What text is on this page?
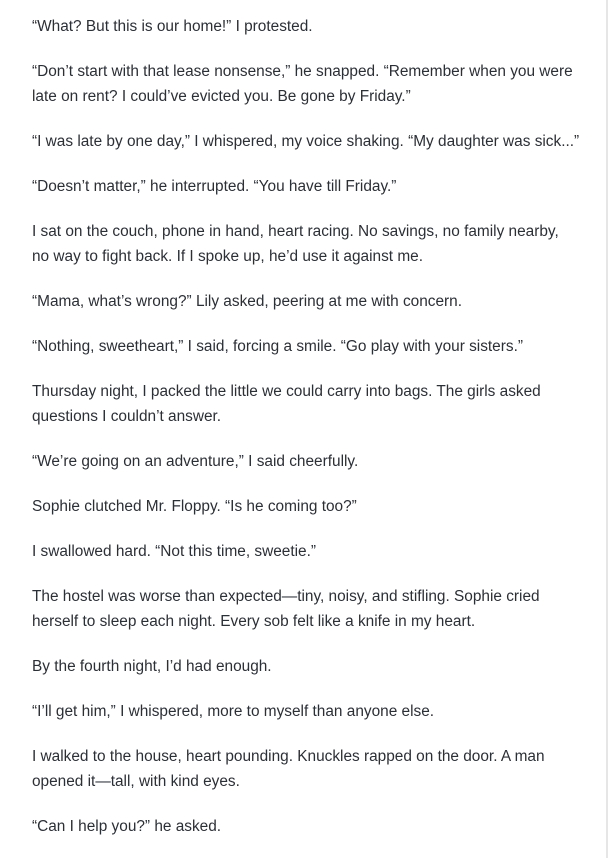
“What? But this is our home!” I protested.

“Don’t start with that lease nonsense,” he snapped. “Remember when you were late on rent? I could’ve evicted you. Be gone by Friday.”

“I was late by one day,” I whispered, my voice shaking. “My daughter was sick...”

“Doesn’t matter,” he interrupted. “You have till Friday.”

I sat on the couch, phone in hand, heart racing. No savings, no family nearby, no way to fight back. If I spoke up, he’d use it against me.

“Mama, what’s wrong?” Lily asked, peering at me with concern.

“Nothing, sweetheart,” I said, forcing a smile. “Go play with your sisters.”

Thursday night, I packed the little we could carry into bags. The girls asked questions I couldn’t answer.

“We’re going on an adventure,” I said cheerfully.

Sophie clutched Mr. Floppy. “Is he coming too?”

I swallowed hard. “Not this time, sweetie.”

The hostel was worse than expected—tiny, noisy, and stifling. Sophie cried herself to sleep each night. Every sob felt like a knife in my heart.

By the fourth night, I’d had enough.

“I’ll get him,” I whispered, more to myself than anyone else.

I walked to the house, heart pounding. Knuckles rapped on the door. A man opened it—tall, with kind eyes.

“Can I help you?” he asked.
